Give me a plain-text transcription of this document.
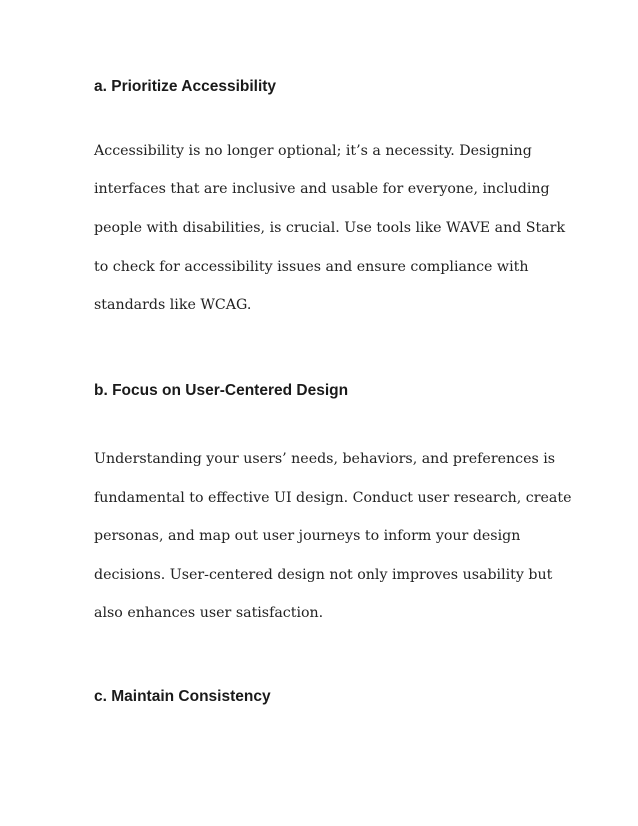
a. Prioritize Accessibility

Accessibility is no longer optional; it’s a necessity. Designing

interfaces that are inclusive and usable for everyone, including

people with disabilities, is crucial. Use tools like WAVE and Stark

to check for accessibility issues and ensure compliance with

standards like WCAG.

b. Focus on User-Centered Design

Understanding your users’ needs, behaviors, and preferences is

fundamental to effective UI design. Conduct user research, create

personas, and map out user journeys to inform your design

decisions. User-centered design not only improves usability but

also enhances user satisfaction.

c. Maintain Consistency
